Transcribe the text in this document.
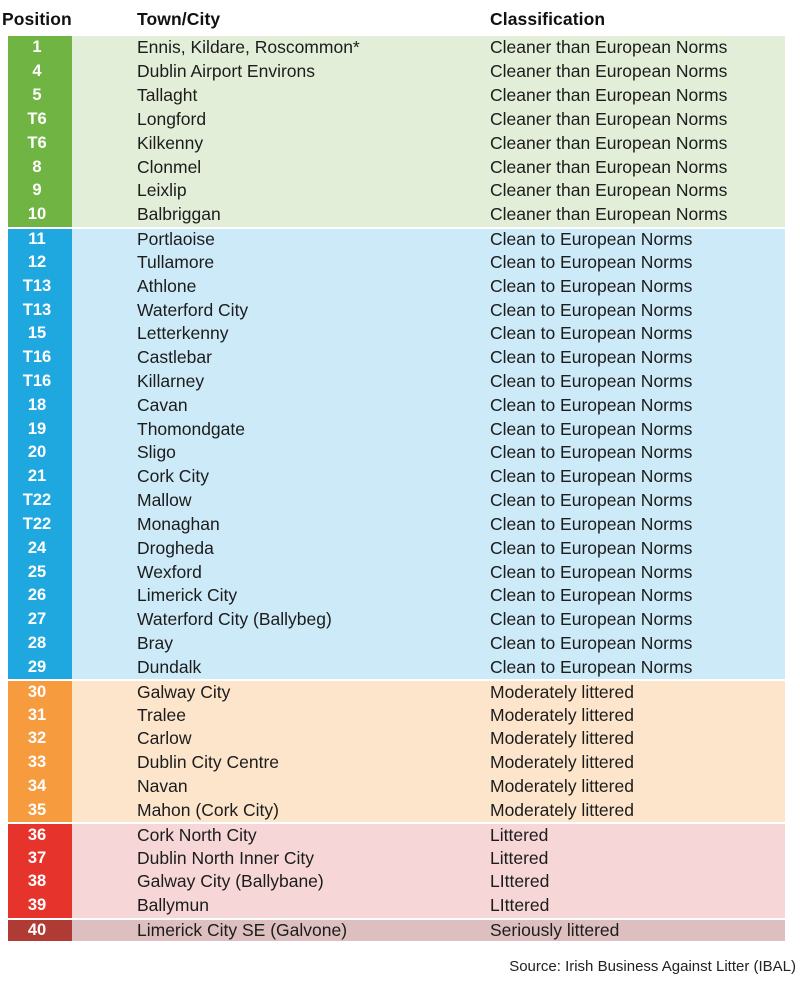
Position	Town/City	Classification
1	Ennis, Kildare, Roscommon*	Cleaner than European Norms
4	Dublin Airport Environs	Cleaner than European Norms
5	Tallaght	Cleaner than European Norms
T6	Longford	Cleaner than European Norms
T6	Kilkenny	Cleaner than European Norms
8	Clonmel	Cleaner than European Norms
9	Leixlip	Cleaner than European Norms
10	Balbriggan	Cleaner than European Norms
11	Portlaoise	Clean to European Norms
12	Tullamore	Clean to European Norms
T13	Athlone	Clean to European Norms
T13	Waterford City	Clean to European Norms
15	Letterkenny	Clean to European Norms
T16	Castlebar	Clean to European Norms
T16	Killarney	Clean to European Norms
18	Cavan	Clean to European Norms
19	Thomondgate	Clean to European Norms
20	Sligo	Clean to European Norms
21	Cork City	Clean to European Norms
T22	Mallow	Clean to European Norms
T22	Monaghan	Clean to European Norms
24	Drogheda	Clean to European Norms
25	Wexford	Clean to European Norms
26	Limerick City	Clean to European Norms
27	Waterford City (Ballybeg)	Clean to European Norms
28	Bray	Clean to European Norms
29	Dundalk	Clean to European Norms
30	Galway City	Moderately littered
31	Tralee	Moderately littered
32	Carlow	Moderately littered
33	Dublin City Centre	Moderately littered
34	Navan	Moderately littered
35	Mahon (Cork City)	Moderately littered
36	Cork North City	Littered
37	Dublin North Inner City	Littered
38	Galway City (Ballybane)	LIttered
39	Ballymun	LIttered
40	Limerick City SE (Galvone)	Seriously littered
Source: Irish Business Against Litter (IBAL)
